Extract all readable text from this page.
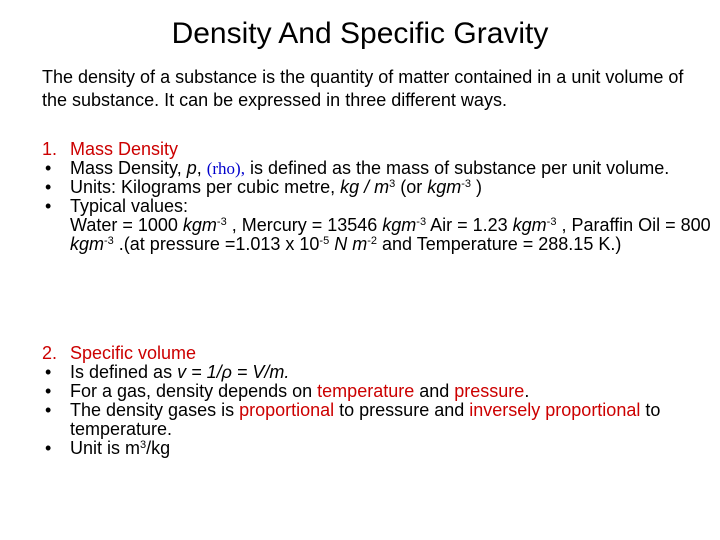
Density And Specific Gravity
The density of a substance is the quantity of matter contained in a unit volume of the substance. It can be expressed in three different ways.
1. Mass Density
• Mass Density, p, (rho), is defined as the mass of substance per unit volume.
• Units: Kilograms per cubic metre, kg / $m^3$ (or kgm$^{-3}$ )
• Typical values:
Water = 1000 kgm$^{-3}$ , Mercury = 13546 kgm$^{-3}$ Air = 1.23 kgm$^{-3}$ , Paraffin Oil = 800 kgm$^{-3}$ .(at pressure =1.013 x $10^{-5}$ N $m^{-2}$ and Temperature = 288.15 K.)
2. Specific volume
• Is defined as v = 1/ρ = V/m.
• For a gas, density depends on temperature and pressure.
• The density gases is proportional to pressure and inversely proportional to temperature.
• Unit is $m^3/kg$
